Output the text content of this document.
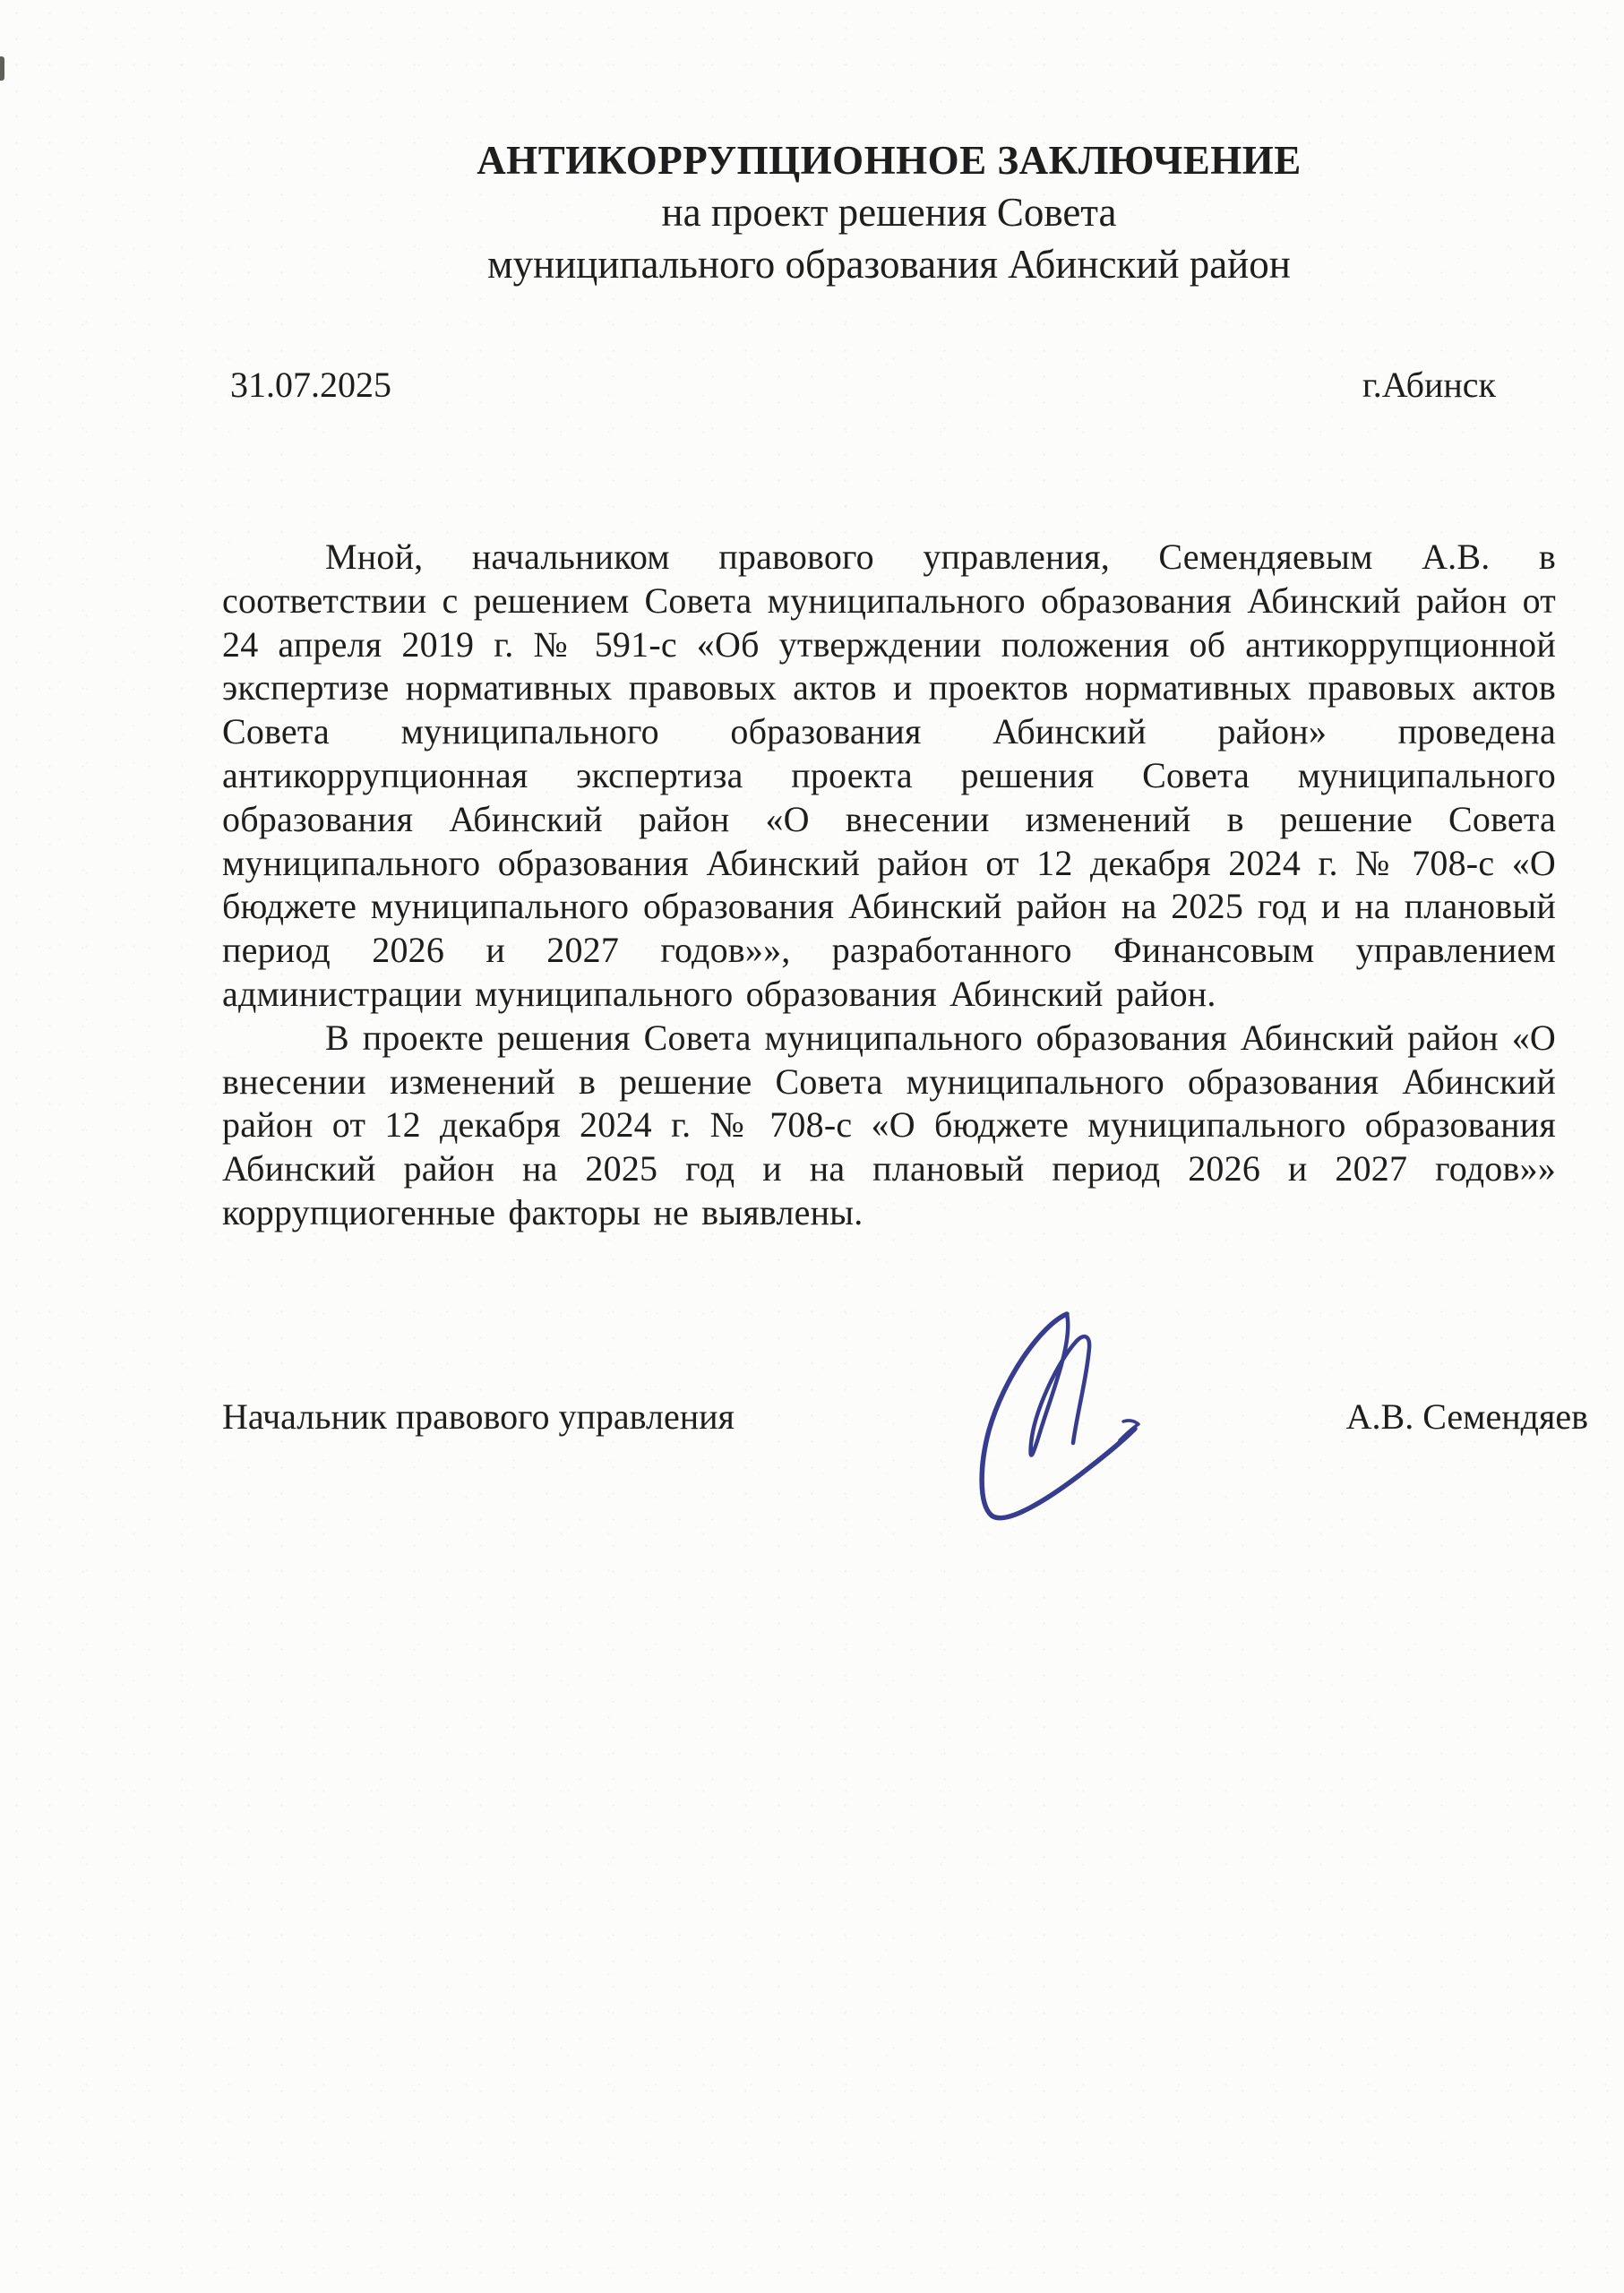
АНТИКОРРУПЦИОННОЕ ЗАКЛЮЧЕНИЕ
на проект решения Совета
муниципального образования Абинский район
31.07.2025	г.Абинск

Мной, начальником правового управления, Семендяевым А.В. в соответствии с решением Совета муниципального образования Абинский район от 24 апреля 2019 г. № 591-с «Об утверждении положения об антикоррупционной экспертизе нормативных правовых актов и проектов нормативных правовых актов Совета муниципального образования Абинский район» проведена антикоррупционная экспертиза проекта решения Совета муниципального образования Абинский район «О внесении изменений в решение Совета муниципального образования Абинский район от 12 декабря 2024 г. № 708-с «О бюджете муниципального образования Абинский район на 2025 год и на плановый период 2026 и 2027 годов»», разработанного Финансовым управлением администрации муниципального образования Абинский район.

В проекте решения Совета муниципального образования Абинский район «О внесении изменений в решение Совета муниципального образования Абинский район от 12 декабря 2024 г. № 708-с «О бюджете муниципального образования Абинский район на 2025 год и на плановый период 2026 и 2027 годов»» коррупциогенные факторы не выявлены.

Начальник правового управления	А.В. Семендяев
